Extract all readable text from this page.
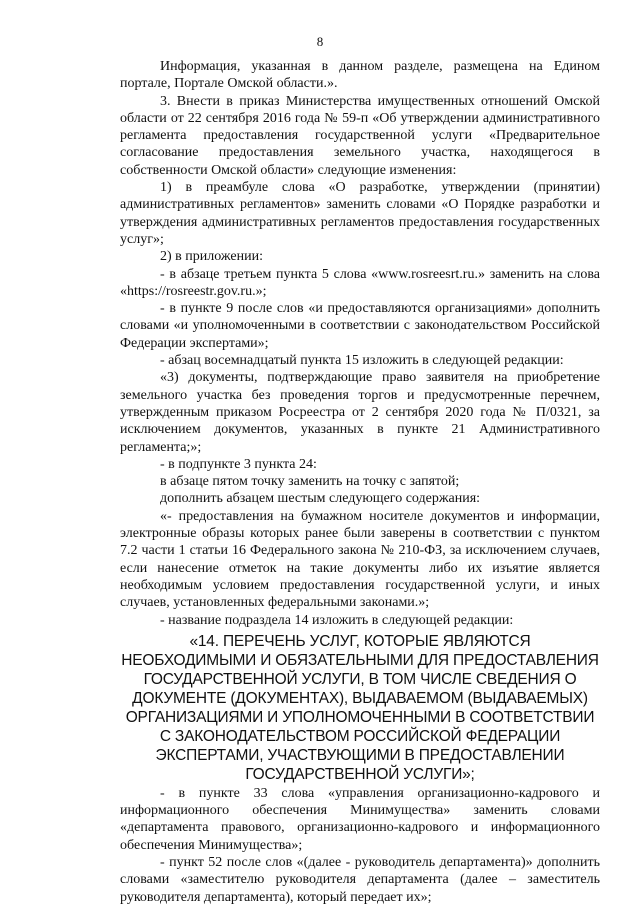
8

Информация, указанная в данном разделе, размещена на Едином портале, Портале Омской области.».

3. Внести в приказ Министерства имущественных отношений Омской области от 22 сентября 2016 года № 59-п «Об утверждении административного регламента предоставления государственной услуги «Предварительное согласование предоставления земельного участка, находящегося в собственности Омской области» следующие изменения:

1) в преамбуле слова «О разработке, утверждении (принятии) административных регламентов» заменить словами «О Порядке разработки и утверждения административных регламентов предоставления государственных услуг»;

2) в приложении:

- в абзаце третьем пункта 5 слова «www.rosreesrt.ru.» заменить на слова «https://rosreestr.gov.ru.»;

- в пункте 9 после слов «и предоставляются организациями» дополнить словами «и уполномоченными в соответствии с законодательством Российской Федерации экспертами»;

- абзац восемнадцатый пункта 15 изложить в следующей редакции:

«3) документы, подтверждающие право заявителя на приобретение земельного участка без проведения торгов и предусмотренные перечнем, утвержденным приказом Росреестра от 2 сентября 2020 года № П/0321, за исключением документов, указанных в пункте 21 Административного регламента;»;

- в подпункте 3 пункта 24:

в абзаце пятом точку заменить на точку с запятой;

дополнить абзацем шестым следующего содержания:

«- предоставления на бумажном носителе документов и информации, электронные образы которых ранее были заверены в соответствии с пунктом 7.2 части 1 статьи 16 Федерального закона № 210-ФЗ, за исключением случаев, если нанесение отметок на такие документы либо их изъятие является необходимым условием предоставления государственной услуги, и иных случаев, установленных федеральными законами.»;

- название подраздела 14 изложить в следующей редакции:

«14. ПЕРЕЧЕНЬ УСЛУГ, КОТОРЫЕ ЯВЛЯЮТСЯ НЕОБХОДИМЫМИ И ОБЯЗАТЕЛЬНЫМИ ДЛЯ ПРЕДОСТАВЛЕНИЯ ГОСУДАРСТВЕННОЙ УСЛУГИ, В ТОМ ЧИСЛЕ СВЕДЕНИЯ О ДОКУМЕНТЕ (ДОКУМЕНТАХ), ВЫДАВАЕМОМ (ВЫДАВАЕМЫХ) ОРГАНИЗАЦИЯМИ И УПОЛНОМОЧЕННЫМИ В СООТВЕТСТВИИ С ЗАКОНОДАТЕЛЬСТВОМ РОССИЙСКОЙ ФЕДЕРАЦИИ ЭКСПЕРТАМИ, УЧАСТВУЮЩИМИ В ПРЕДОСТАВЛЕНИИ ГОСУДАРСТВЕННОЙ УСЛУГИ»;

- в пункте 33 слова «управления организационно-кадрового и информационного обеспечения Минимущества» заменить словами «департамента правового, организационно-кадрового и информационного обеспечения Минимущества»;

- пункт 52 после слов «(далее - руководитель департамента)» дополнить словами «заместителю руководителя департамента (далее – заместитель руководителя департамента), который передает их»;
